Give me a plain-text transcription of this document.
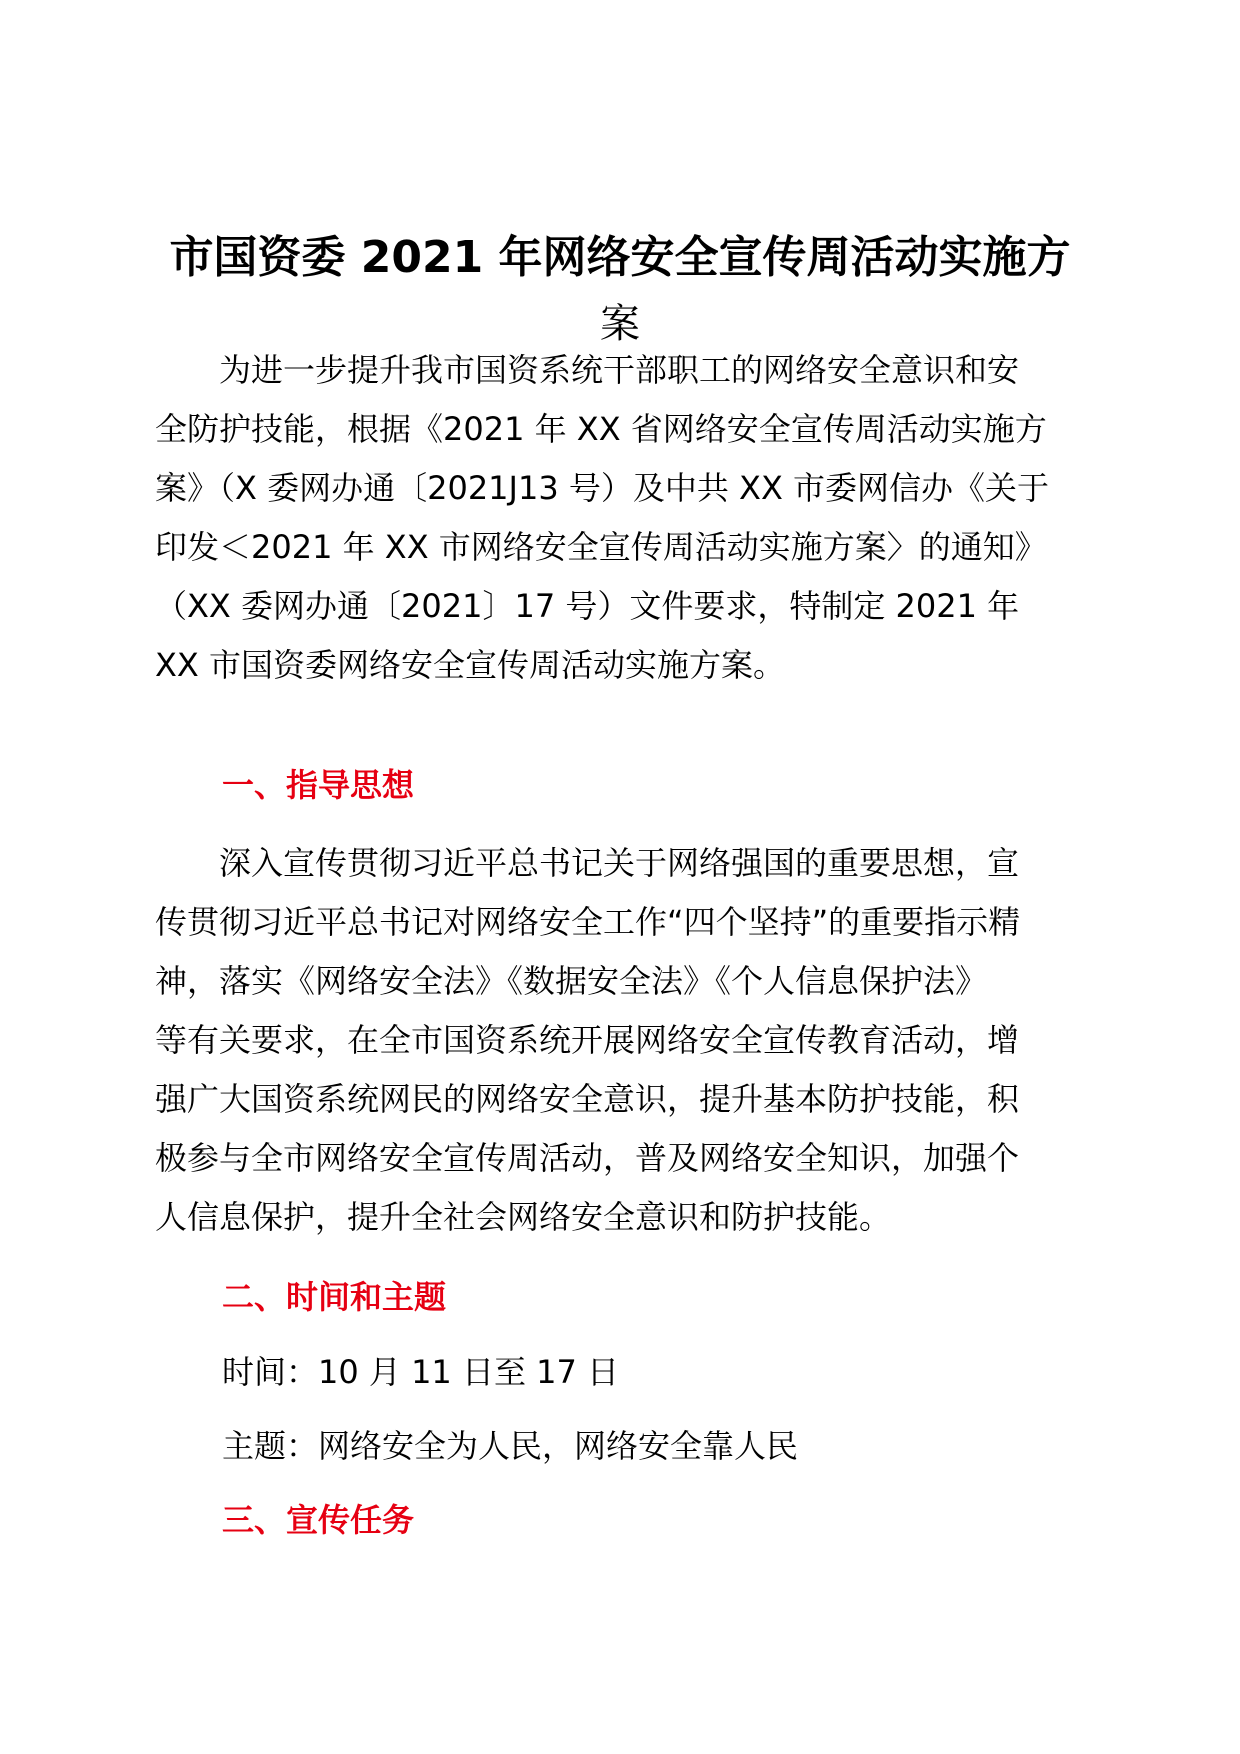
市国资委 2021 年网络安全宣传周活动实施方
案

　　为进一步提升我市国资系统干部职工的网络安全意识和安
全防护技能，根据《2021 年 XX 省网络安全宣传周活动实施方
案》（X 委网办通〔2021J13 号）及中共 XX 市委网信办《关于
印发＜2021 年 XX 市网络安全宣传周活动实施方案〉的通知》
（XX 委网办通〔2021〕17 号）文件要求，特制定 2021 年
XX 市国资委网络安全宣传周活动实施方案。

一、指导思想

　　深入宣传贯彻习近平总书记关于网络强国的重要思想，宣
传贯彻习近平总书记对网络安全工作“四个坚持”的重要指示精
神，落实《网络安全法》《数据安全法》《个人信息保护法》
等有关要求，在全市国资系统开展网络安全宣传教育活动，增
强广大国资系统网民的网络安全意识，提升基本防护技能，积
极参与全市网络安全宣传周活动，普及网络安全知识，加强个
人信息保护，提升全社会网络安全意识和防护技能。

二、时间和主题

时间：10 月 11 日至 17 日

主题：网络安全为人民，网络安全靠人民

三、宣传任务
